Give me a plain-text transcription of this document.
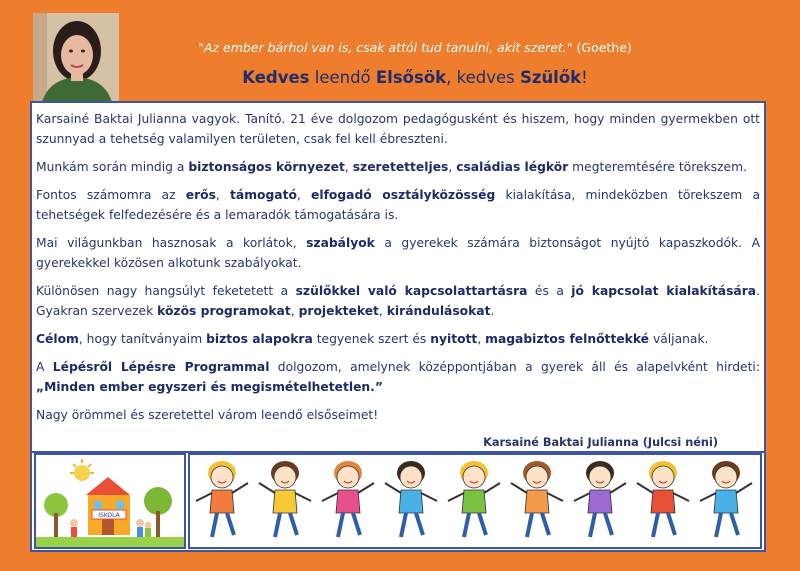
"Az ember bárhol van is, csak attól tud tanulni, akit szeret." (Goethe)
Kedves leendő Elsősök, kedves Szülők!

Karsainé Baktai Julianna vagyok. Tanító. 21 éve dolgozom pedagógusként és hiszem, hogy minden gyermekben ott szunnyad a tehetség valamilyen területen, csak fel kell ébreszteni.

Munkám során mindig a biztonságos környezet, szeretetteljes, családias légkör megteremtésére törekszem.

Fontos számomra az erős, támogató, elfogadó osztályközösség kialakítása, mindeközben törekszem a tehetségek felfedezésére és a lemaradók támogatására is.

Mai világunkban hasznosak a korlátok, szabályok a gyerekek számára biztonságot nyújtó kapaszkodók. A gyerekekkel közösen alkotunk szabályokat.

Különösen nagy hangsúlyt feketetett a szülőkkel való kapcsolattartásra és a jó kapcsolat kialakítására. Gyakran szervezek közös programokat, projekteket, kirándulásokat.

Célom, hogy tanítványaim biztos alapokra tegyenek szert és nyitott, magabiztos felnőttekké váljanak.

A Lépésről Lépésre Programmal dolgozom, amelynek középpontjában a gyerek áll és alapelvként hirdeti: „Minden ember egyszeri és megismételhetetlen.”

Nagy örömmel és szeretettel várom leendő elsőseimet!

Karsainé Baktai Julianna (Julcsi néni)
ISKOLA
